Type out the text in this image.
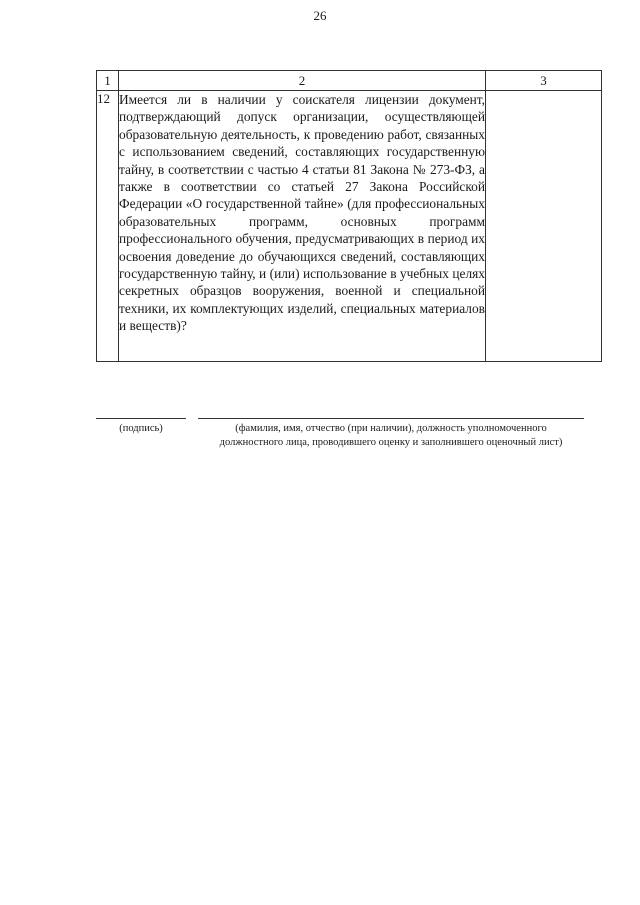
26
1	2	3
12	Имеется ли в наличии у соискателя лицензии документ, подтверждающий допуск организации, осуществляющей образовательную деятельность, к проведению работ, связанных с использованием сведений, составляющих государственную тайну, в соответствии с частью 4 статьи 81 Закона № 273-ФЗ, а также в соответствии со статьей 27 Закона Российской Федерации «О государственной тайне» (для профессиональных образовательных программ, основных программ профессионального обучения, предусматривающих в период их освоения доведение до обучающихся сведений, составляющих государственную тайну, и (или) использование в учебных целях секретных образцов вооружения, военной и специальной техники, их комплектующих изделий, специальных материалов и веществ)?	
(подпись)	(фамилия, имя, отчество (при наличии), должность уполномоченного должностного лица, проводившего оценку и заполнившего оценочный лист)
